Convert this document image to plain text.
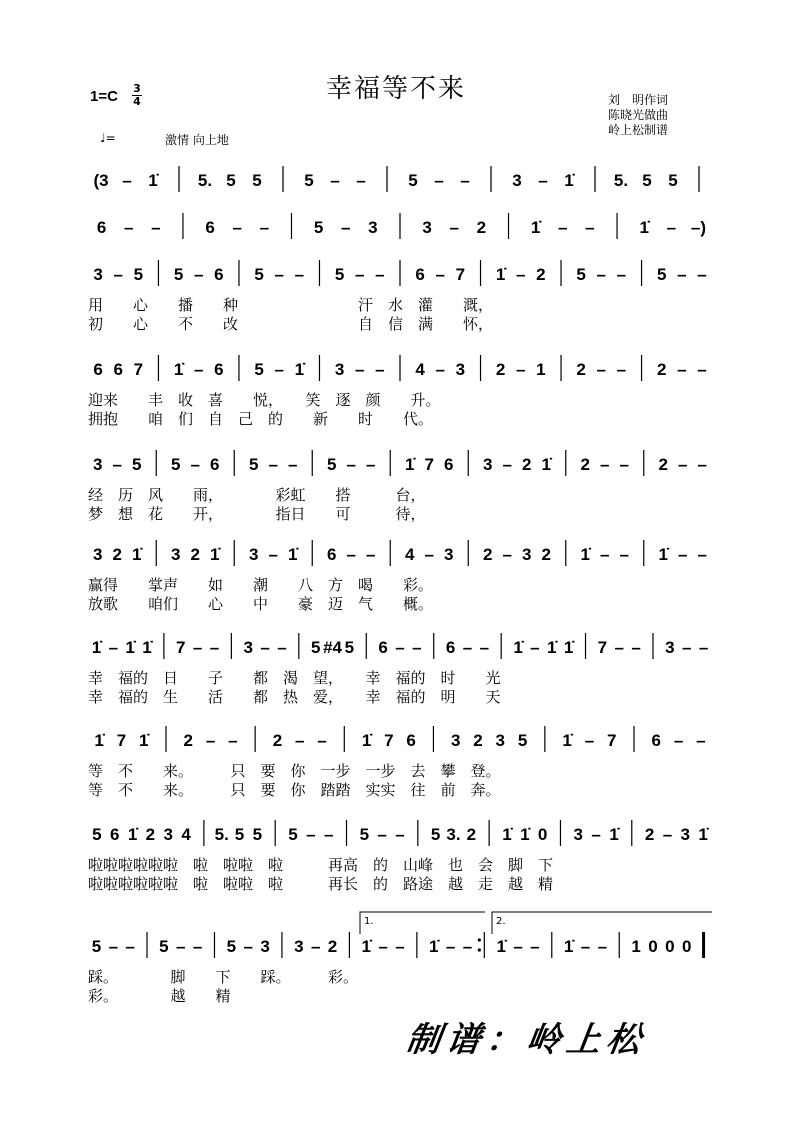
幸福等不来
1=C 3
4	刘　明作词
陈晓光做曲
岭上松制谱
♩=	激情 向上地
(3 – 1̇ 5. 5 5	5 – –	5 – –	3 – 1̇ 5. 5 5
6 – –	6 – –	5 – 3	3 – 2	1̇ – –	1̇ – –)
3 – 5 5 – 6 5 – – 5 – – 6 – 7 1̇ – 2 5 – – 5 – –
用　　心　　播　　种　　　　　　　　汗　水　灌　　溉，
初　　心　　不　　改　　　　　　　　自　信　满　　怀，
6 6 7 1̇ – 6 5 – 1̇ 3 – – 4 – 3 2 – 1 2 – – 2 – –
迎来　　丰　收　喜　　悦，　　笑　逐　颜　　升。
拥抱　　咱　们　自　己　的　　新　　时　　代。
3 – 5 5 – 6 5 – – 5 – – 1̇ 7 6 3 – 2 1̇ 2 – – 2 – –
经　历　风　　雨，　　　　彩虹　　搭　　　台，
梦　想　花　　开，　　　　指日　　可　　　待，
3 2 1̇ 3 2 1̇ 3 – 1̇ 6 – – 4 – 3 2 – 3 2 1̇ – – 1̇ – –
赢得　　掌声　　如　　潮　　八　方　喝　　彩。
放歌　　咱们　　心　　中　　豪　迈　气　　概。
1̇ – 1̇ 1̇ 7 – – 3 – – 5 #4 5 6 – – 6 – – 1̇ – 1̇ 1̇ 7 – – 3 – –
幸　福的　日　　子　　都　渴　望，　　幸　福的　时　　光
幸　福的　生　　活　　都　热　爱，　　幸　福的　明　　天
1̇ 7 1̇ 2 – – 2 – – 1̇ 7 6 3 2 3 5 1̇ – 7 6 – –
等　不　　来。　　　只　要　你　一步　一步　去　攀　登。
等　不　　来。　　　只　要　你　踏踏　实实　往　前　奔。
5 6 1̇ 2 3 4 5. 5 5 5 – – 5 – – 5 3. 2 1̇ 1̇ 0 3 – 1̇ 2 – 3 1̇
啦啦啦啦啦啦　啦　啦啦　啦　　　再高　的　山峰　也　会　脚　下
啦啦啦啦啦啦　啦　啦啦　啦　　　再长　的　路途　越　走　越　精
5 – – 5 – – 5 – 3 3 – 2 1̇ – – 1̇ – – 1̇ – – 1̇ – – 1 0 0 0
踩。　　　　脚　　下　　踩。　　　彩。
彩。　　　　越　　精
1.	2.
制谱：岭上松
